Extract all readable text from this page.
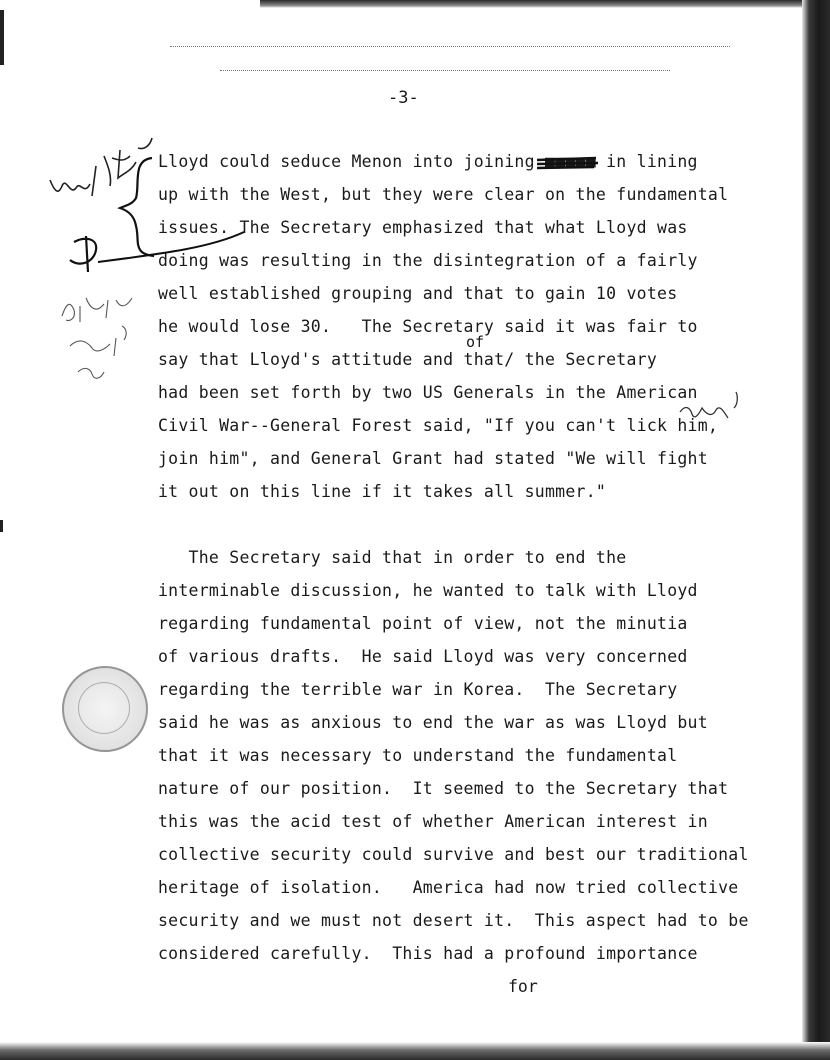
-3-
Lloyd could seduce Menon into joining ■■■■■ in lining
up with the West, but they were clear on the fundamental
issues. The Secretary emphasized that what Lloyd was
doing was resulting in the disintegration of a fairly
well established grouping and that to gain 10 votes
he would lose 30.   The Secretary said it was fair to
of
say that Lloyd's attitude and that/ the Secretary
had been set forth by two US Generals in the American
Civil War--General Forest said, "If you can't lick him,
join him", and General Grant had stated "We will fight
it out on this line if it takes all summer."
The Secretary said that in order to end the
interminable discussion, he wanted to talk with Lloyd
regarding fundamental point of view, not the minutia
of various drafts.  He said Lloyd was very concerned
regarding the terrible war in Korea.  The Secretary
said he was as anxious to end the war as was Lloyd but
that it was necessary to understand the fundamental
nature of our position.  It seemed to the Secretary that
this was the acid test of whether American interest in
collective security could survive and best our traditional
heritage of isolation.   America had now tried collective
security and we must not desert it.  This aspect had to be
considered carefully.  This had a profound importance
for
